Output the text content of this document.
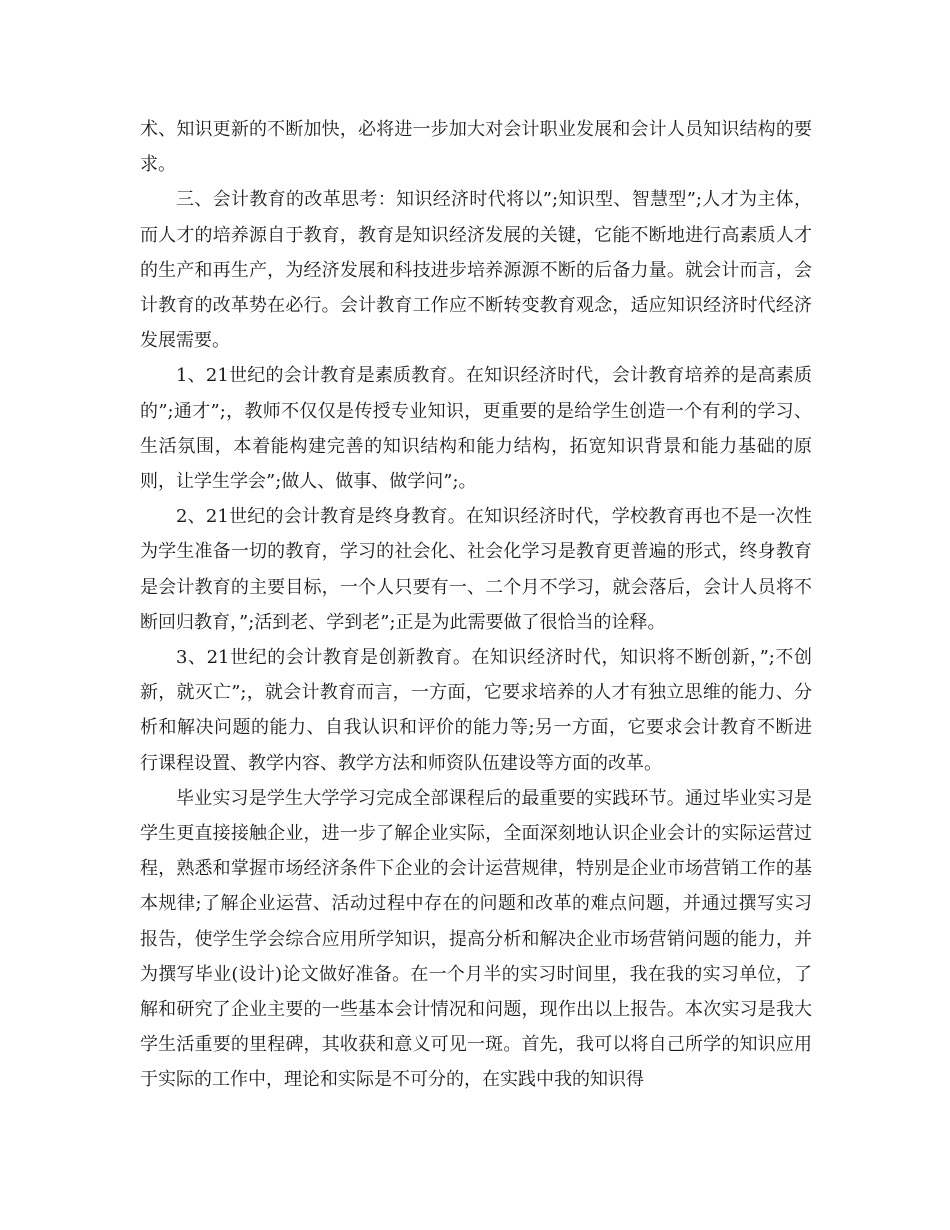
术、知识更新的不断加快，必将进一步加大对会计职业发展和会计人员知识结构的要求。

三、会计教育的改革思考：知识经济时代将以”;知识型、智慧型”;人才为主体，而人才的培养源自于教育，教育是知识经济发展的关键，它能不断地进行高素质人才的生产和再生产，为经济发展和科技进步培养源源不断的后备力量。就会计而言，会计教育的改革势在必行。会计教育工作应不断转变教育观念，适应知识经济时代经济发展需要。

1、21世纪的会计教育是素质教育。在知识经济时代，会计教育培养的是高素质的”;通才”;，教师不仅仅是传授专业知识，更重要的是给学生创造一个有利的学习、生活氛围，本着能构建完善的知识结构和能力结构，拓宽知识背景和能力基础的原则，让学生学会”;做人、做事、做学问”;。

2、21世纪的会计教育是终身教育。在知识经济时代，学校教育再也不是一次性为学生准备一切的教育，学习的社会化、社会化学习是教育更普遍的形式，终身教育是会计教育的主要目标，一个人只要有一、二个月不学习，就会落后，会计人员将不断回归教育，”;活到老、学到老”;正是为此需要做了很恰当的诠释。

3、21世纪的会计教育是创新教育。在知识经济时代，知识将不断创新，”;不创新，就灭亡”;，就会计教育而言，一方面，它要求培养的人才有独立思维的能力、分析和解决问题的能力、自我认识和评价的能力等;另一方面，它要求会计教育不断进行课程设置、教学内容、教学方法和师资队伍建设等方面的改革。

毕业实习是学生大学学习完成全部课程后的最重要的实践环节。通过毕业实习是学生更直接接触企业，进一步了解企业实际，全面深刻地认识企业会计的实际运营过程，熟悉和掌握市场经济条件下企业的会计运营规律，特别是企业市场营销工作的基本规律;了解企业运营、活动过程中存在的问题和改革的难点问题，并通过撰写实习报告，使学生学会综合应用所学知识，提高分析和解决企业市场营销问题的能力，并为撰写毕业(设计)论文做好准备。在一个月半的实习时间里，我在我的实习单位，了解和研究了企业主要的一些基本会计情况和问题，现作出以上报告。本次实习是我大学生活重要的里程碑，其收获和意义可见一斑。首先，我可以将自己所学的知识应用于实际的工作中，理论和实际是不可分的，在实践中我的知识得
